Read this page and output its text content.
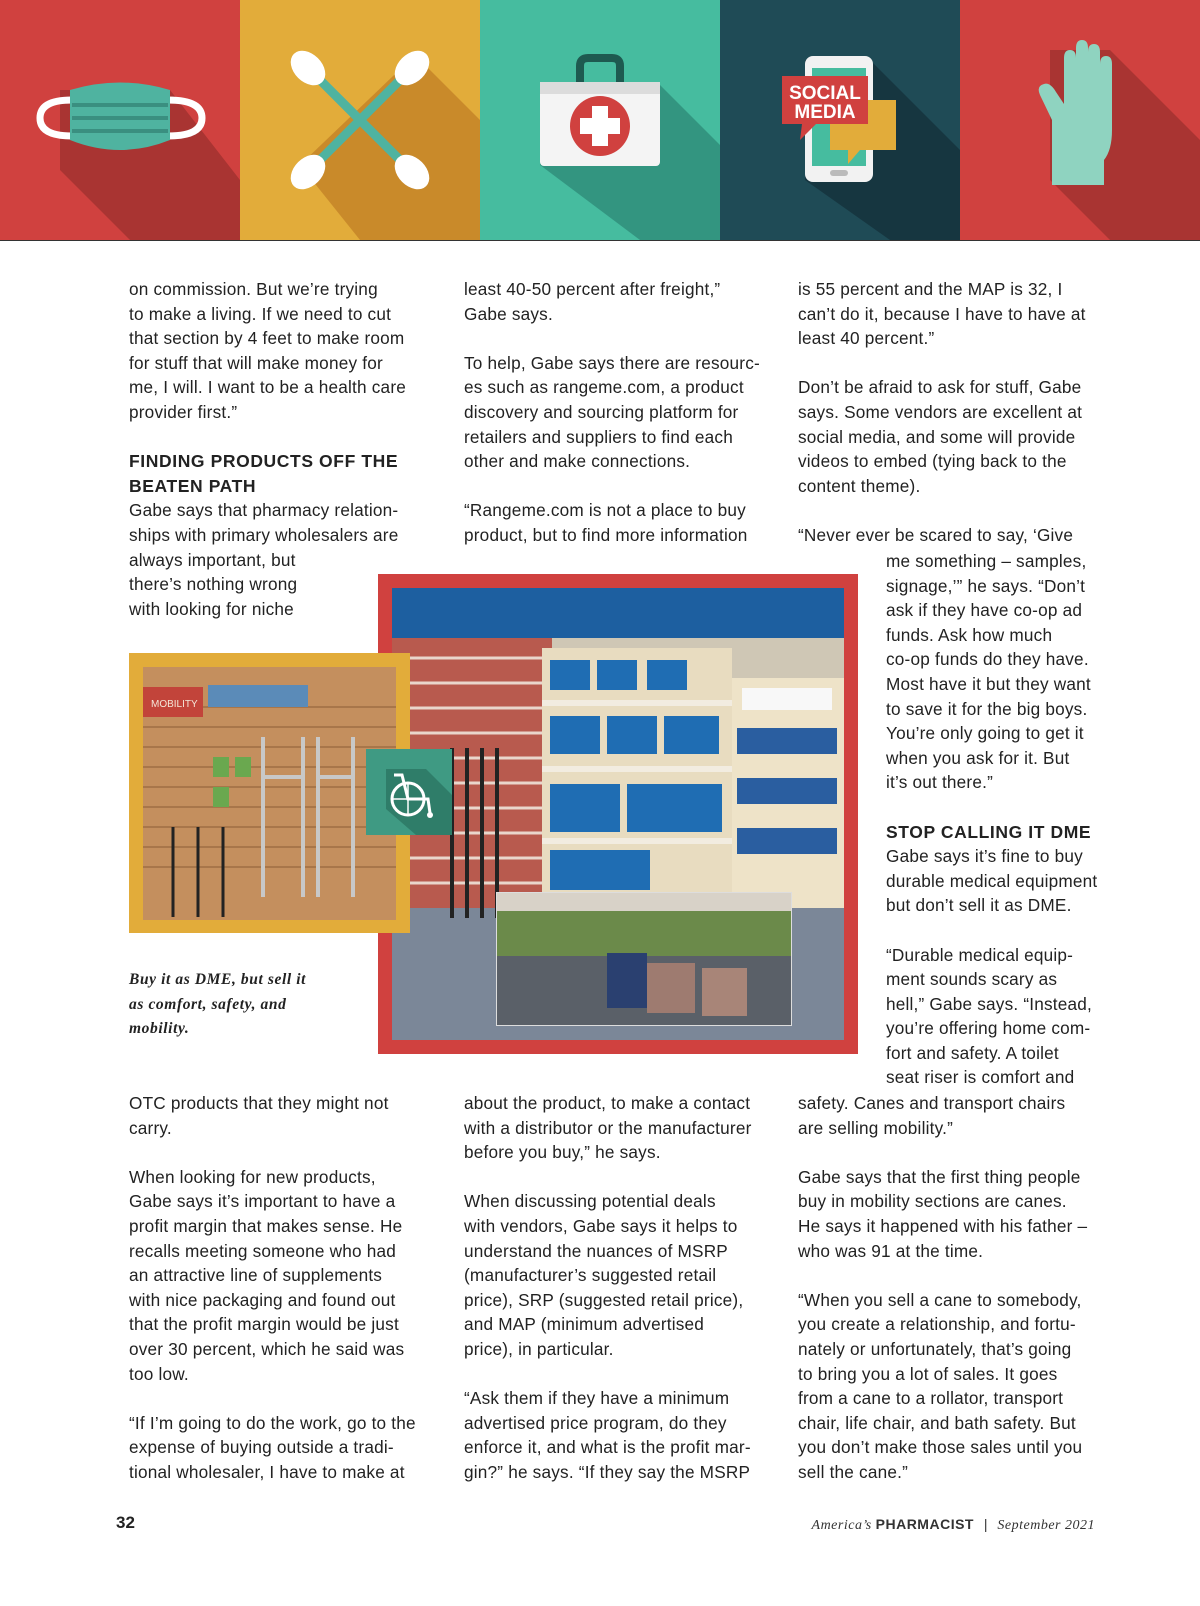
SOCIAL
MEDIA

on commission. But we’re trying
to make a living. If we need to cut
that section by 4 feet to make room
for stuff that will make money for
me, I will. I want to be a health care
provider first.”

FINDING PRODUCTS OFF THE
BEATEN PATH

Gabe says that pharmacy relation-
ships with primary wholesalers are
always important, but
there’s nothing wrong
with looking for niche

least 40-50 percent after freight,”
Gabe says.

To help, Gabe says there are resourc-
es such as rangeme.com, a product
discovery and sourcing platform for
retailers and suppliers to find each
other and make connections.

“Rangeme.com is not a place to buy
product, but to find more information

is 55 percent and the MAP is 32, I
can’t do it, because I have to have at
least 40 percent.”

Don’t be afraid to ask for stuff, Gabe
says. Some vendors are excellent at
social media, and some will provide
videos to embed (tying back to the
content theme).

“Never ever be scared to say, ‘Give

me something – samples,
signage,’” he says. “Don’t
ask if they have co-op ad
funds. Ask how much
co-op funds do they have.
Most have it but they want
to save it for the big boys.
You’re only going to get it
when you ask for it. But
it’s out there.”

STOP CALLING IT DME

Gabe says it’s fine to buy
durable medical equipment
but don’t sell it as DME.

“Durable medical equip-
ment sounds scary as
hell,” Gabe says. “Instead,
you’re offering home com-
fort and safety. A toilet
seat riser is comfort and

MOBILITY
Buy it as DME, but sell it
as comfort, safety, and
mobility.

OTC products that they might not
carry.

When looking for new products,
Gabe says it’s important to have a
profit margin that makes sense. He
recalls meeting someone who had
an attractive line of supplements
with nice packaging and found out
that the profit margin would be just
over 30 percent, which he said was
too low.

“If I’m going to do the work, go to the
expense of buying outside a tradi-
tional wholesaler, I have to make at

about the product, to make a contact
with a distributor or the manufacturer
before you buy,” he says.

When discussing potential deals
with vendors, Gabe says it helps to
understand the nuances of MSRP
(manufacturer’s suggested retail
price), SRP (suggested retail price),
and MAP (minimum advertised
price), in particular.

“Ask them if they have a minimum
advertised price program, do they
enforce it, and what is the profit mar-
gin?” he says. “If they say the MSRP

safety. Canes and transport chairs
are selling mobility.”

Gabe says that the first thing people
buy in mobility sections are canes.
He says it happened with his father –
who was 91 at the time.

“When you sell a cane to somebody,
you create a relationship, and fortu-
nately or unfortunately, that’s going
to bring you a lot of sales. It goes
from a cane to a rollator, transport
chair, life chair, and bath safety. But
you don’t make those sales until you
sell the cane.”

32	America’s PHARMACIST | September 2021
